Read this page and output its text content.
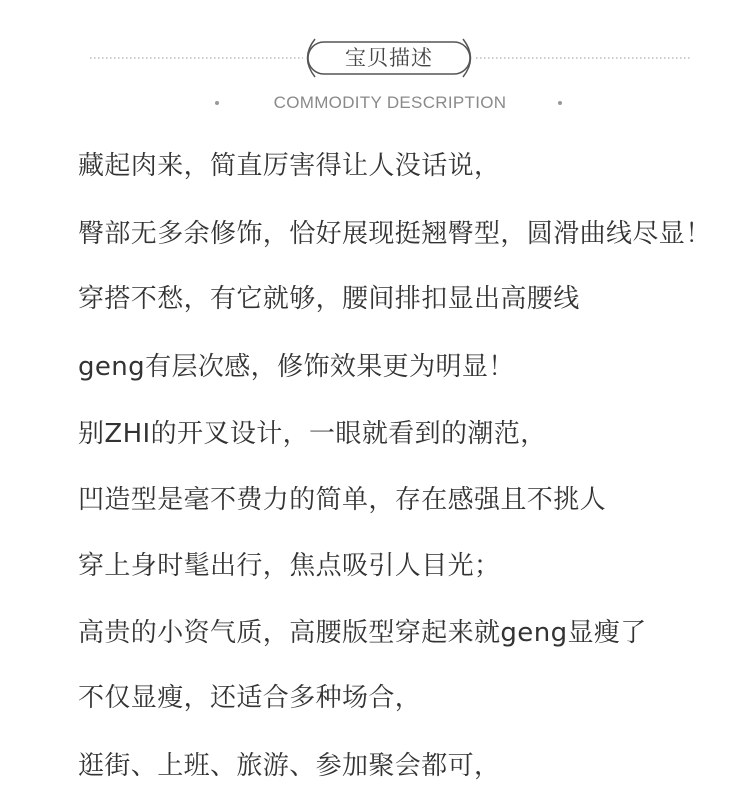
宝贝描述
COMMODITY DESCRIPTION
藏起肉来，简直厉害得让人没话说，
臀部无多余修饰，恰好展现挺翘臀型，圆滑曲线尽显！
穿搭不愁，有它就够，腰间排扣显出高腰线
geng有层次感，修饰效果更为明显！
别ZHI的开叉设计，一眼就看到的潮范，
凹造型是毫不费力的简单，存在感强且不挑人
穿上身时髦出行，焦点吸引人目光；
高贵的小资气质，高腰版型穿起来就geng显瘦了
不仅显瘦，还适合多种场合，
逛街、上班、旅游、参加聚会都可，
